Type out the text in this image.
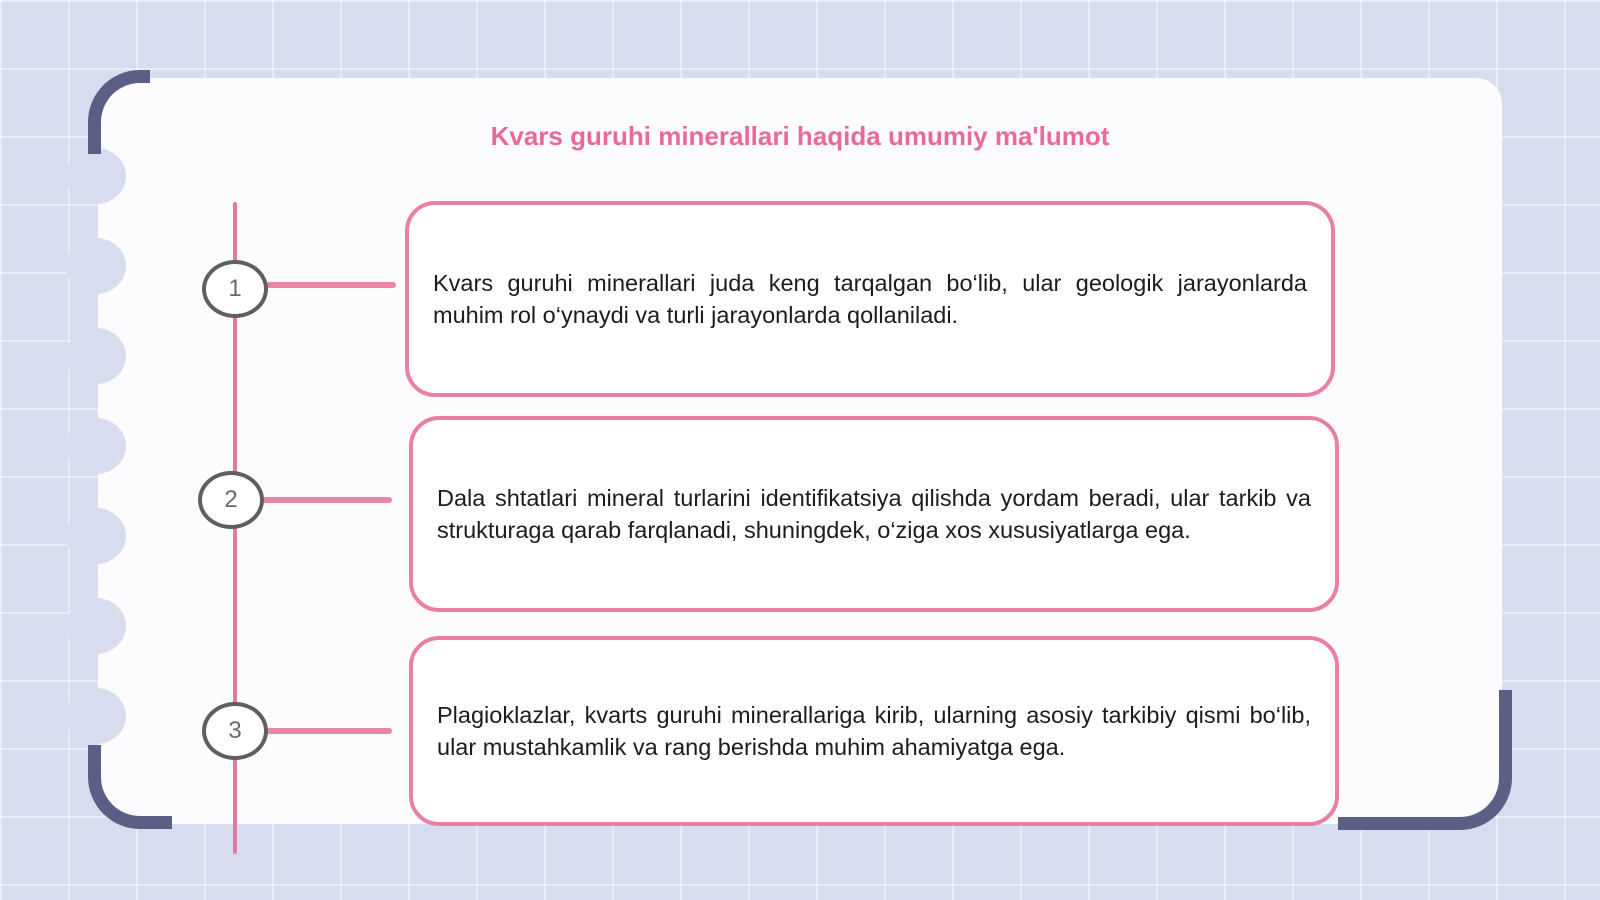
Kvars guruhi minerallari haqida umumiy ma'lumot
1
2
3
Kvars guruhi minerallari juda keng tarqalgan bo‘lib, ular geologik jarayonlarda muhim rol o‘ynaydi va turli jarayonlarda qollaniladi.
Dala shtatlari mineral turlarini identifikatsiya qilishda yordam beradi, ular tarkib va strukturaga qarab farqlanadi, shuningdek, o‘ziga xos xususiyatlarga ega.
Plagioklazlar, kvarts guruhi minerallariga kirib, ularning asosiy tarkibiy qismi bo‘lib, ular mustahkamlik va rang berishda muhim ahamiyatga ega.
